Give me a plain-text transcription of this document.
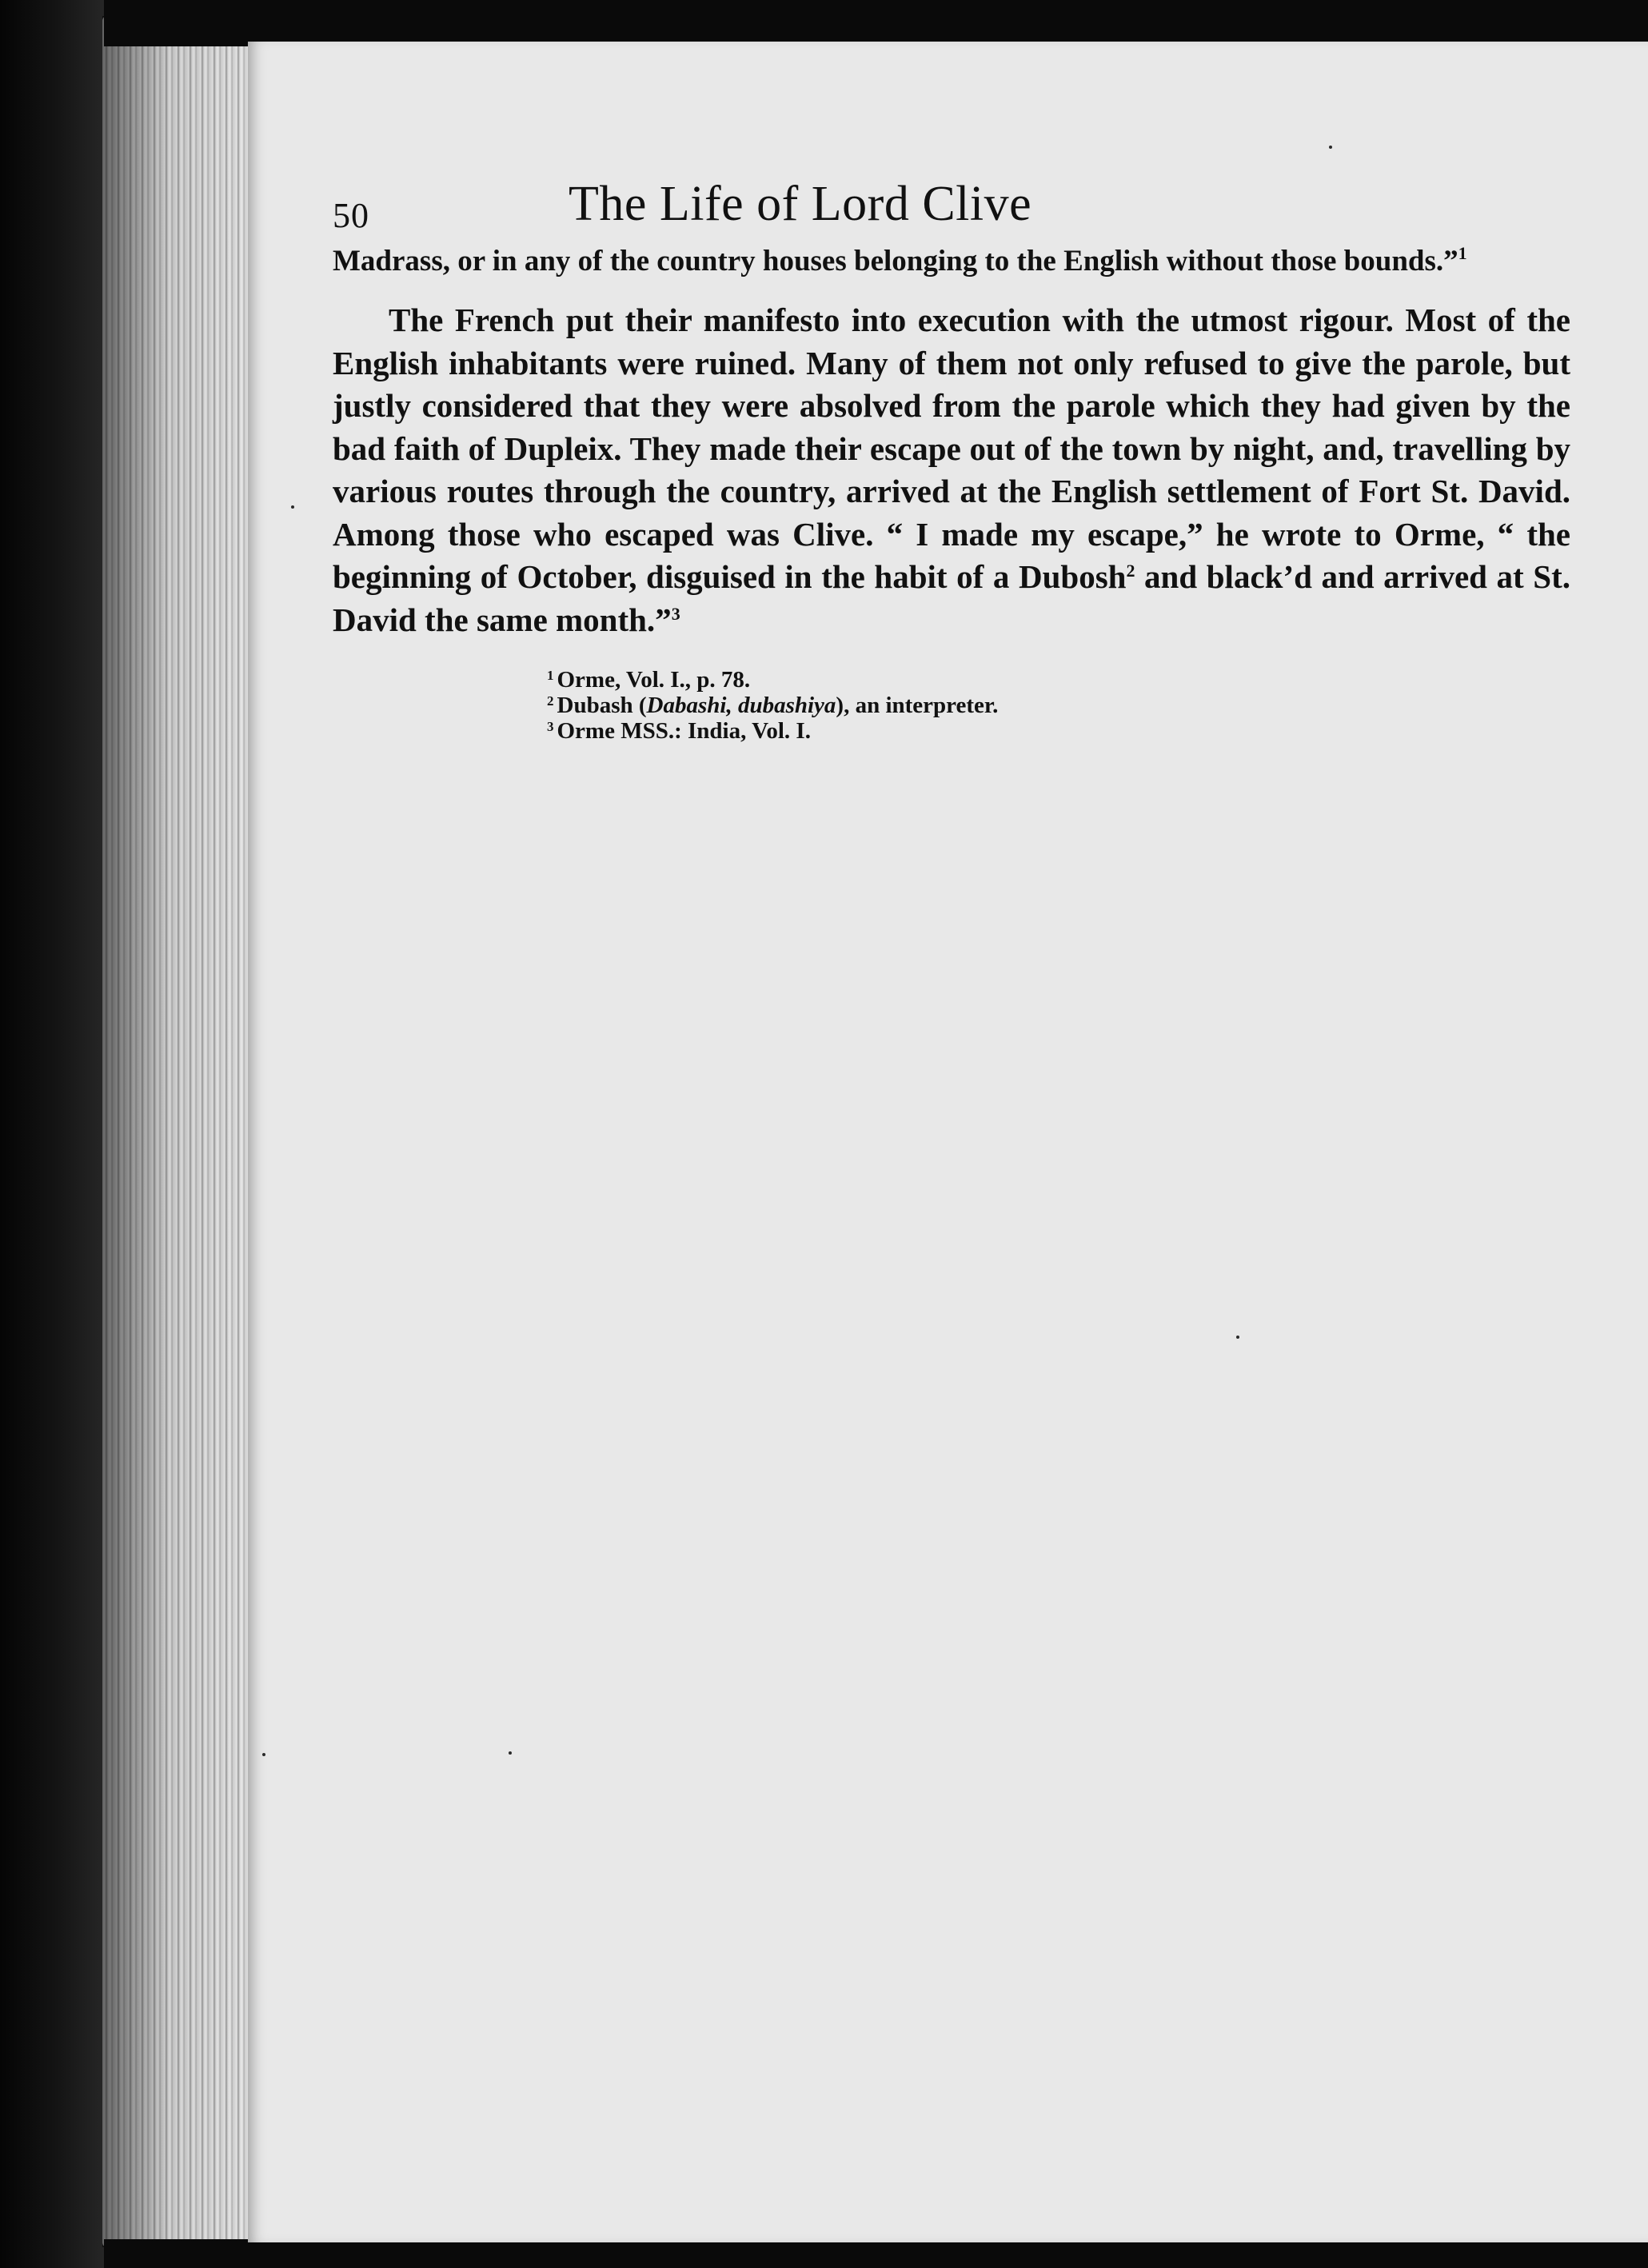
50	The Life of Lord Clive

Madrass, or in any of the country houses belonging to the English without those bounds.”$^1$

The French put their manifesto into execution with the utmost rigour. Most of the English inhabitants were ruined. Many of them not only refused to give the parole, but justly considered that they were absolved from the parole which they had given by the bad faith of Dupleix. They made their escape out of the town by night, and, travelling by various routes through the country, arrived at the English settlement of Fort St. David. Among those who escaped was Clive. “ I made my escape,” he wrote to Orme, “ the beginning of October, disguised in the habit of a Dubosh$^2$ and black’d and arrived at St. David the same month.”$^3$

$^1$ Orme, Vol. I., p. 78.
$^2$ Dubash (Dabashi, dubashiya), an interpreter.
$^3$ Orme MSS.: India, Vol. I.
